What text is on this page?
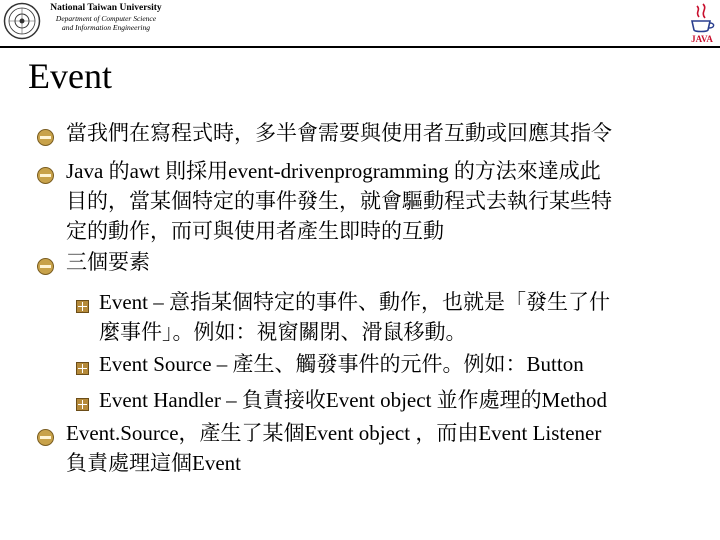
National Taiwan University
Department of Computer Science
and Information Engineering
JAVA
Event
當我們在寫程式時，多半會需要與使用者互動或回應其指令
Java 的awt 則採用event-drivenprogramming 的方法來達成此
目的，當某個特定的事件發生，就會驅動程式去執行某些特
定的動作，而可與使用者產生即時的互動
三個要素
Event – 意指某個特定的事件、動作，也就是「發生了什
麼事件」。例如：視窗關閉、滑鼠移動。
Event Source – 產生、觸發事件的元件。例如：Button
Event Handler – 負責接收Event object 並作處理的Method
Event.Source，產生了某個Event object ，而由Event Listener
負責處理這個Event
